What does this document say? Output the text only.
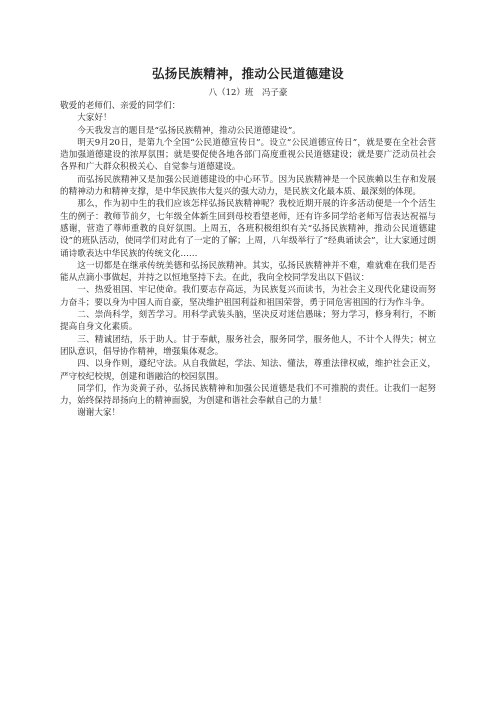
弘扬民族精神，推动公民道德建设
八（12）班　冯子豪

敬爱的老师们、亲爱的同学们：

大家好！

今天我发言的题目是“弘扬民族精神，推动公民道德建设”。

明天9月20日，是第九个全国“公民道德宣传日”。设立“公民道德宣传日”，就是要在全社会营造加强道德建设的浓厚氛围；就是要促使各地各部门高度重视公民道德建设；就是要广泛动员社会各界和广大群众积极关心、自觉参与道德建设。

而弘扬民族精神又是加强公民道德建设的中心环节。因为民族精神是一个民族赖以生存和发展的精神动力和精神支撑，是中华民族伟大复兴的强大动力，是民族文化最本质、最深刻的体现。

那么，作为初中生的我们应该怎样弘扬民族精神呢？我校近期开展的许多活动便是一个个活生生的例子：教师节前夕，七年级全体新生回到母校看望老师，还有许多同学给老师写信表达祝福与感谢，营造了尊师重教的良好氛围。上周五，各班积极组织有关“弘扬民族精神，推动公民道德建设”的班队活动，使同学们对此有了一定的了解；上周，八年级举行了“经典诵读会”，让大家通过朗诵诗歌表达中华民族的传统文化……

这一切都是在继承传统美德和弘扬民族精神。其实，弘扬民族精神并不难，难就难在我们是否能从点滴小事做起，并持之以恒地坚持下去。在此，我向全校同学发出以下倡议：

一、热爱祖国、牢记使命。我们要志存高远，为民族复兴而读书，为社会主义现代化建设而努力奋斗；要以身为中国人而自豪，坚决维护祖国利益和祖国荣誉，勇于同危害祖国的行为作斗争。

二、崇尚科学，刻苦学习。用科学武装头脑，坚决反对迷信愚昧；努力学习，修身利行，不断提高自身文化素质。

三、精诚团结，乐于助人。甘于奉献，服务社会，服务同学，服务他人，不计个人得失；树立团队意识，倡导协作精神，增强集体观念。

四、以身作则，遵纪守法。从自我做起，学法、知法、懂法，尊重法律权威，维护社会正义，严守校纪校规，创建和谐融洽的校园氛围。

同学们，作为炎黄子孙，弘扬民族精神和加强公民道德是我们不可推脱的责任。让我们一起努力，始终保持昂扬向上的精神面貌，为创建和谐社会奉献自己的力量！

谢谢大家！
